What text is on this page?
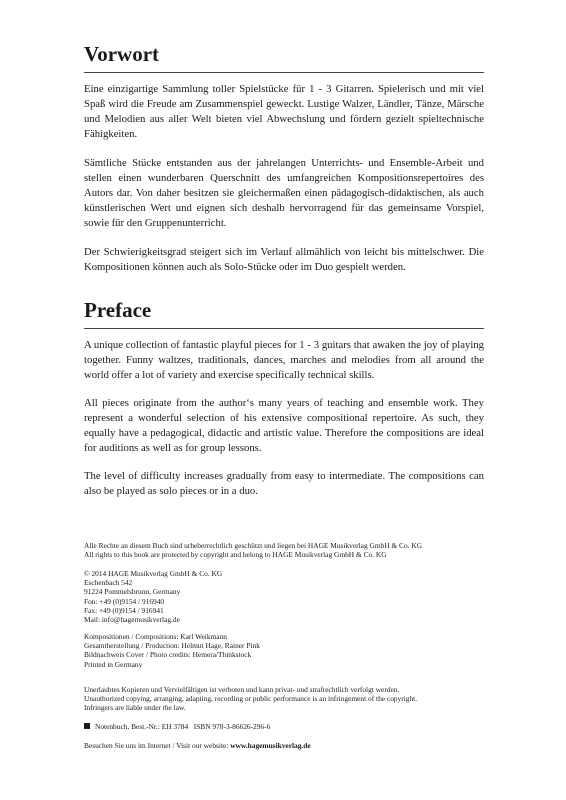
Vorwort

Eine einzigartige Sammlung toller Spielstücke für 1 - 3 Gitarren. Spielerisch und mit viel Spaß wird die Freude am Zusammenspiel geweckt. Lustige Walzer, Ländler, Tänze, Märsche und Melodien aus aller Welt bieten viel Abwechslung und fördern gezielt spieltechnische Fähigkeiten.

Sämtliche Stücke entstanden aus der jahrelangen Unterrichts- und Ensemble-Arbeit und stellen einen wunderbaren Querschnitt des umfangreichen Kompositionsrepertoires des Autors dar. Von daher besitzen sie gleichermaßen einen pädagogisch-didaktischen, als auch künstlerischen Wert und eignen sich deshalb hervorragend für das gemeinsame Vorspiel, sowie für den Gruppenunterricht.

Der Schwierigkeitsgrad steigert sich im Verlauf allmählich von leicht bis mittelschwer. Die Kompositionen können auch als Solo-Stücke oder im Duo gespielt werden.

Preface

A unique collection of fantastic playful pieces for 1 - 3 guitars that awaken the joy of playing together. Funny waltzes, traditionals, dances, marches and melodies from all around the world offer a lot of variety and exercise specifically technical skills.

All pieces originate from the author‘s many years of teaching and ensemble work. They represent a wonderful selection of his extensive compositional repertoire. As such, they equally have a pedagogical, didactic and artistic value. Therefore the compositions are ideal for auditions as well as for group lessons.

The level of difficulty increases gradually from easy to intermediate. The compositions can also be played as solo pieces or in a duo.

Alle Rechte an diesem Buch sind urheberrechtlich geschützt und liegen bei HAGE Musikverlag GmbH & Co. KG

All rights to this book are protected by copyright and belong to HAGE Musikverlag GmbH & Co. KG

© 2014 HAGE Musikverlag GmbH & Co. KG

Eschenbach 542

91224 Pommelsbrunn, Germany

Fon: +49 (0)9154 / 916940

Fax: +49 (0)9154 / 916941

Mail: info@hagemusikverlag.de

Kompositionen / Compositions: Karl Weikmann

Gesamtherstellung / Production: Helmut Hage, Rainer Pink

Bildnachweis Cover / Photo credits: Hemera/Thinkstock

Printed in Germany

Unerlaubtes Kopieren und Vervielfältigen ist verboten und kann privat- und strafrechtlich verfolgt werden.

Unauthorized copying, arranging, adapting, recording or public performance is an infringement of the copyright.

Infringers are liable under the law.

Notenbuch, Best.-Nr.: EH 3784   ISBN 978-3-86626-296-6

Besuchen Sie uns im Internet / Visit our website: www.hagemusikverlag.de
